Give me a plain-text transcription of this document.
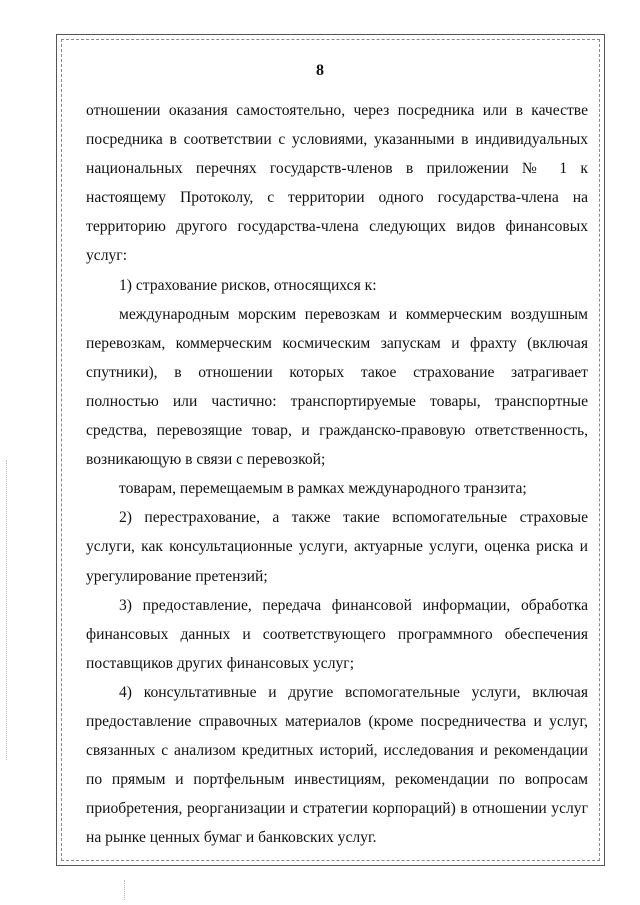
8

отношении оказания самостоятельно, через посредника или в качестве посредника в соответствии с условиями, указанными в индивидуальных национальных перечнях государств-членов в приложении № 1 к настоящему Протоколу, с территории одного государства-члена на территорию другого государства-члена следующих видов финансовых услуг:

1) страхование рисков, относящихся к:

международным морским перевозкам и коммерческим воздушным перевозкам, коммерческим космическим запускам и фрахту (включая спутники), в отношении которых такое страхование затрагивает полностью или частично: транспортируемые товары, транспортные средства, перевозящие товар, и гражданско-правовую ответственность, возникающую в связи с перевозкой;

товарам, перемещаемым в рамках международного транзита;

2) перестрахование, а также такие вспомогательные страховые услуги, как консультационные услуги, актуарные услуги, оценка риска и урегулирование претензий;

3) предоставление, передача финансовой информации, обработка финансовых данных и соответствующего программного обеспечения поставщиков других финансовых услуг;

4) консультативные и другие вспомогательные услуги, включая предоставление справочных материалов (кроме посредничества и услуг, связанных с анализом кредитных историй, исследования и рекомендации по прямым и портфельным инвестициям, рекомендации по вопросам приобретения, реорганизации и стратегии корпораций) в отношении услуг на рынке ценных бумаг и банковских услуг.
